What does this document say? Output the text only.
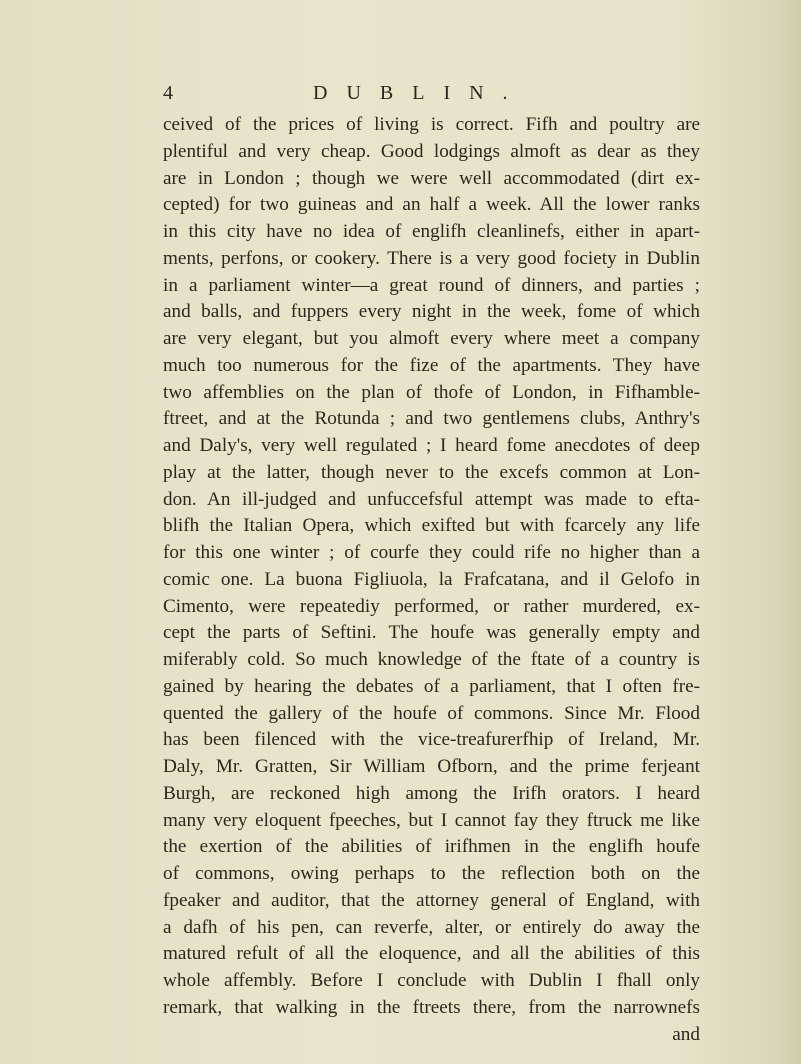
4	DUBLIN.
ceived of the prices of living is correct. Fifh and poultry are
plentiful and very cheap. Good lodgings almoft as dear as they
are in London ; though we were well accommodated (dirt ex-
cepted) for two guineas and an half a week. All the lower ranks
in this city have no idea of englifh cleanlinefs, either in apart-
ments, perfons, or cookery. There is a very good fociety in Dublin
in a parliament winter—a great round of dinners, and parties ;
and balls, and fuppers every night in the week, fome of which
are very elegant, but you almoft every where meet a company
much too numerous for the fize of the apartments. They have
two affemblies on the plan of thofe of London, in Fifhamble-
ftreet, and at the Rotunda ; and two gentlemens clubs, Anthry's
and Daly's, very well regulated ; I heard fome anecdotes of deep
play at the latter, though never to the excefs common at Lon-
don. An ill-judged and unfuccefsful attempt was made to efta-
blifh the Italian Opera, which exifted but with fcarcely any life
for this one winter ; of courfe they could rife no higher than a
comic one. La buona Figliuola, la Frafcatana, and il Gelofo in
Cimento, were repeatediy performed, or rather murdered, ex-
cept the parts of Seftini. The houfe was generally empty and
miferably cold. So much knowledge of the ftate of a country is
gained by hearing the debates of a parliament, that I often fre-
quented the gallery of the houfe of commons. Since Mr. Flood
has been filenced with the vice-treafurerfhip of Ireland, Mr.
Daly, Mr. Gratten, Sir William Ofborn, and the prime ferjeant
Burgh, are reckoned high among the Irifh orators. I heard
many very eloquent fpeeches, but I cannot fay they ftruck me like
the exertion of the abilities of irifhmen in the englifh houfe
of commons, owing perhaps to the reflection both on the
fpeaker and auditor, that the attorney general of England, with
a dafh of his pen, can reverfe, alter, or entirely do away the
matured refult of all the eloquence, and all the abilities of this
whole affembly. Before I conclude with Dublin I fhall only
remark, that walking in the ftreets there, from the narrownefs
and
